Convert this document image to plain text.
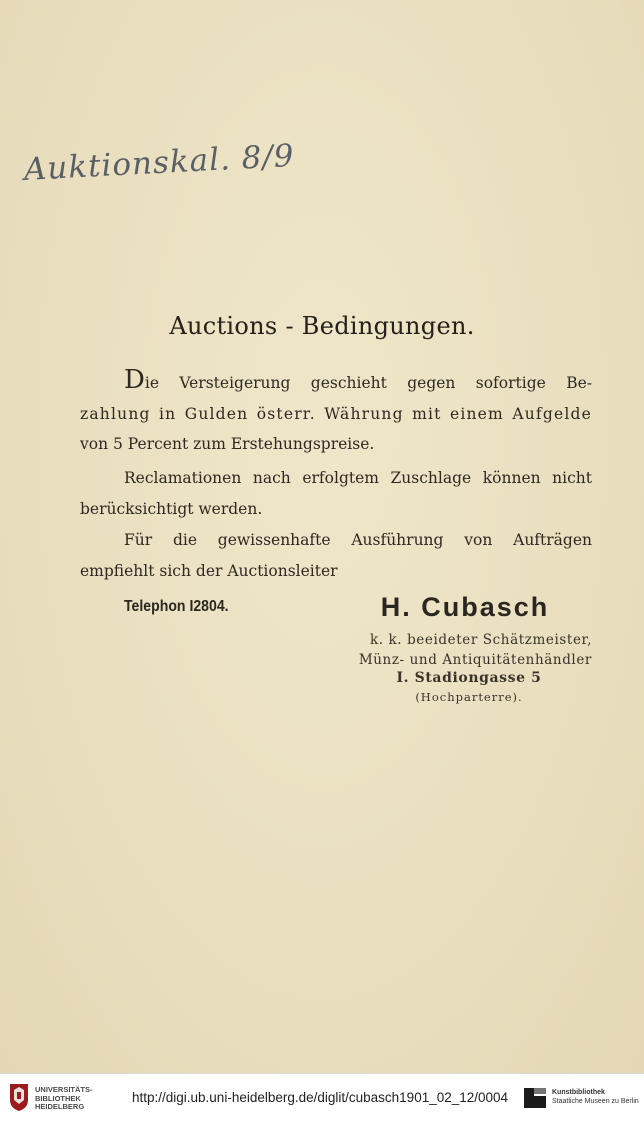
Auktionskal. 8/9
Auctions - Bedingungen.
Die Versteigerung geschieht gegen sofortige Be-
zahlung in Gulden österr. Währung mit einem Aufgelde
von 5 Percent zum Erstehungspreise.
Reclamationen nach erfolgtem Zuschlage können nicht
berücksichtigt werden.
Für die gewissenhafte Ausführung von Aufträgen
empfiehlt sich der Auctionsleiter
Telephon I2804.	H. Cubasch
k. k. beeideter Schätzmeister,
Münz- und Antiquitätenhändler
I. Stadiongasse 5
(Hochparterre).
UNIVERSITÄTS-
BIBLIOTHEK
HEIDELBERG
http://digi.ub.uni-heidelberg.de/diglit/cubasch1901_02_12/0004	Kunstbibliothek
Staatliche Museen zu Berlin
